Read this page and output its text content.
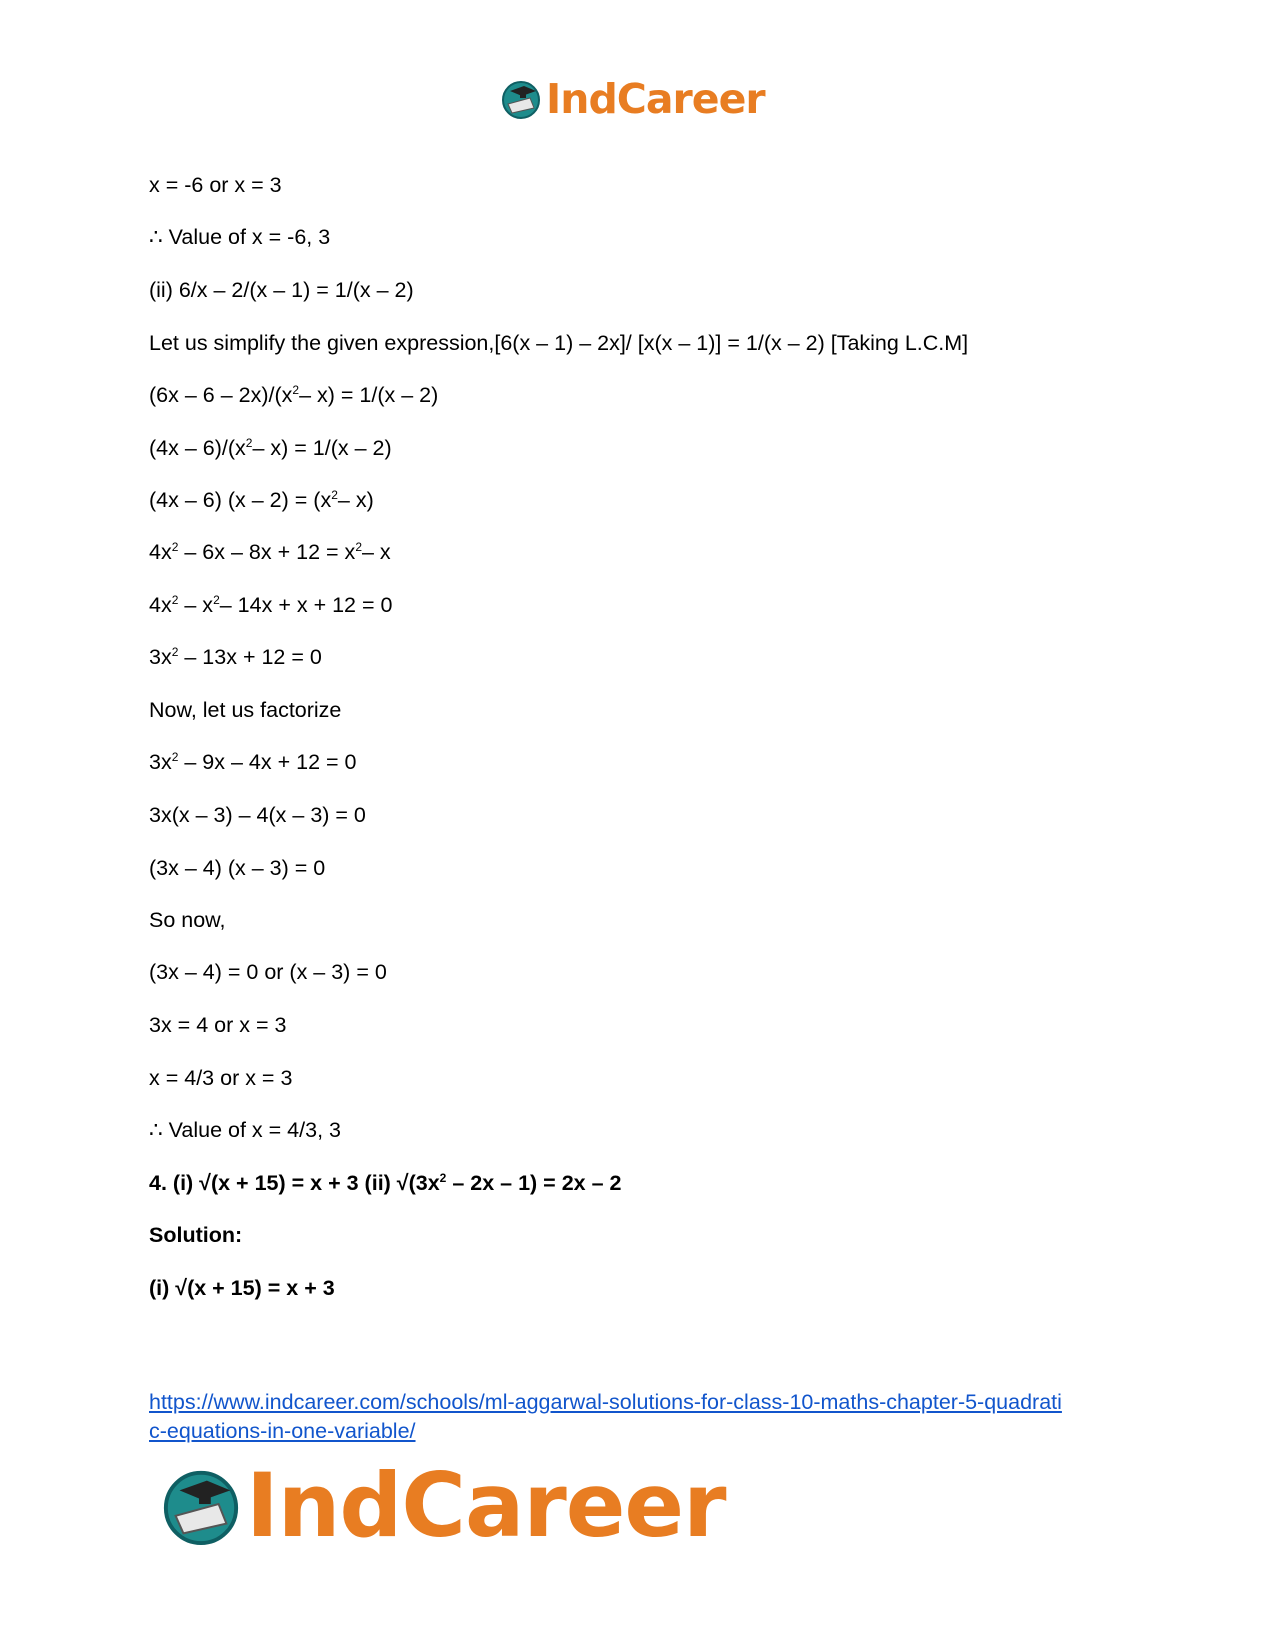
IndCareer
x = -6 or x = 3
∴ Value of x = -6, 3
(ii) 6/x – 2/(x – 1) = 1/(x – 2)
Let us simplify the given expression,[6(x – 1) – 2x]/ [x(x – 1)] = 1/(x – 2) [Taking L.C.M]
$(6x - 6 - 2x)/(x^2-$ x) = 1/(x – 2)
$(4x - 6)/(x^2-$ x) = 1/(x – 2)
(4x – 6) $(x - 2) = (x^2-$ x)
$4x^2 - 6x - 8x + 12 = x^2-$ x
$4x^2 - x^2-$ 14x + x + 12 = 0
$3x^2 - 13x + 12 = 0$
Now, let us factorize
$3x^2 - 9x - 4x + 12 = 0$
3x(x – 3) – 4(x – 3) = 0
(3x – 4) (x – 3) = 0
So now,
(3x – 4) = 0 or (x – 3) = 0
3x = 4 or x = 3
x = 4/3 or x = 3
∴ Value of x = 4/3, 3
4. (i) √(x + 15) = x + 3 (ii) $√(3x^2 - 2x - 1) = 2x - 2$
Solution:
(i) √(x + 15) = x + 3
https://www.indcareer.com/schools/ml-aggarwal-solutions-for-class-10-maths-chapter-5-quadrati
c-equations-in-one-variable/
IndCareer
